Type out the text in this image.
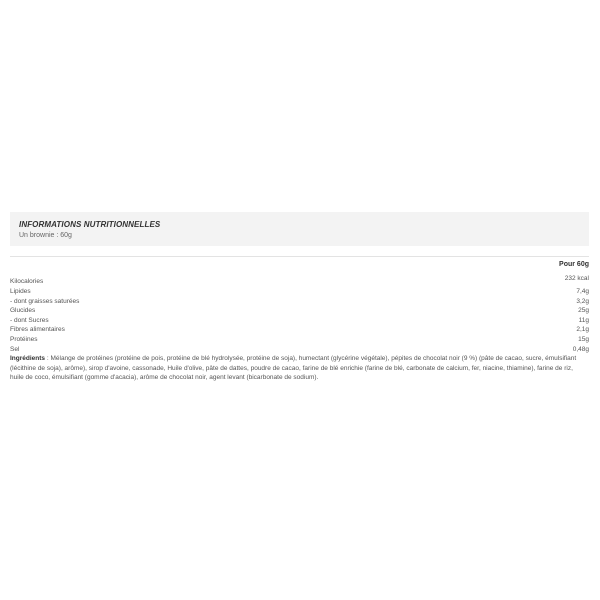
INFORMATIONS NUTRITIONNELLES
Un brownie : 60g
Pour 60g
Kilocalories	232 kcal
Lipides	7,4g
- dont graisses saturées	3,2g
Glucides	25g
- dont Sucres	11g
Fibres alimentaires	2,1g
Protéines	15g
Sel	0,48g
Ingrédients : Mélange de protéines (protéine de pois, protéine de blé hydrolysée, protéine de soja), humectant (glycérine végétale), pépites de chocolat noir (9 %) (pâte de cacao, sucre, émulsifiant (lécithine de soja), arôme), sirop d'avoine, cassonade, Huile d'olive, pâte de dattes, poudre de cacao, farine de blé enrichie (farine de blé, carbonate de calcium, fer, niacine, thiamine), farine de riz, huile de coco, émulsifiant (gomme d'acacia), arôme de chocolat noir, agent levant (bicarbonate de sodium).
